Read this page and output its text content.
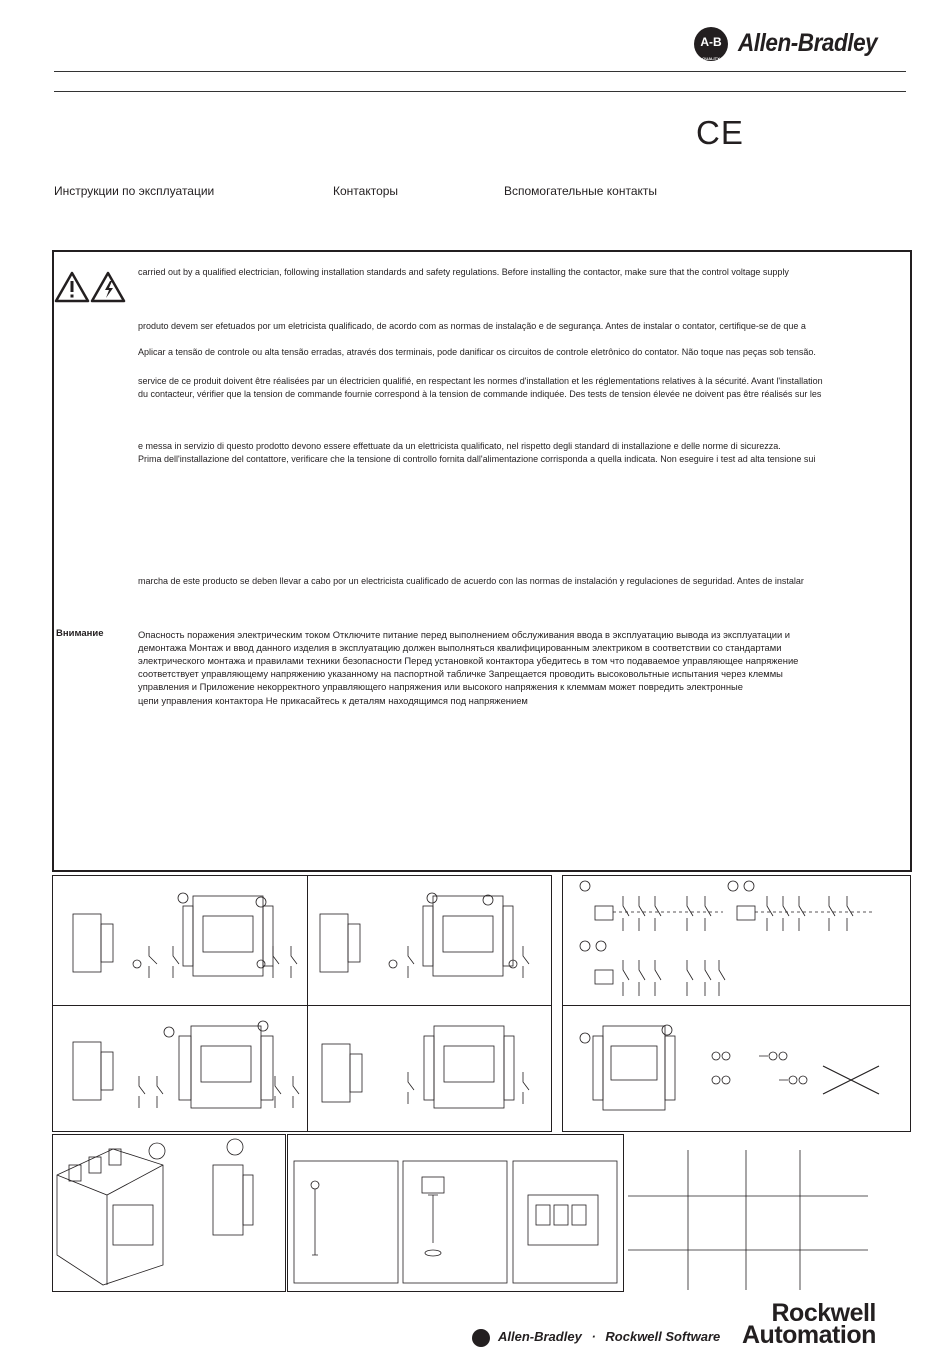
A-B
QUALITY
Allen-Bradley
CE
Инструкции по эксплуатации	Контакторы	Вспомогательные контакты
carried out by a qualified electrician, following installation standards and safety regulations. Before installing the contactor, make sure that the control voltage supply
produto devem ser efetuados por um eletricista qualificado, de acordo com as normas de instalação e de segurança. Antes de instalar o contator, certifique-se de que a
Aplicar a tensão de controle ou alta tensão erradas, através dos terminais, pode danificar os circuitos de controle eletrônico do contator. Não toque nas peças sob tensão.
service de ce produit doivent être réalisées par un électricien qualifié, en respectant les normes d'installation et les réglementations relatives à la sécurité. Avant l'installation
du contacteur, vérifier que la tension de commande fournie correspond à la tension de commande indiquée. Des tests de tension élevée ne doivent pas être réalisés sur les
e messa in servizio di questo prodotto devono essere effettuate da un elettricista qualificato, nel rispetto degli standard di installazione e delle norme di sicurezza.
Prima dell'installazione del contattore, verificare che la tensione di controllo fornita dall'alimentazione corrisponda a quella indicata. Non eseguire i test ad alta tensione sui
marcha de este producto se deben llevar a cabo por un electricista cualificado de acuerdo con las normas de instalación y regulaciones de seguridad. Antes de instalar
Внимание	Опасность поражения электрическим током Отключите питание перед выполнением обслуживания ввода в эксплуатацию вывода из эксплуатации и
демонтажа Монтаж и ввод данного изделия в эксплуатацию должен выполняться квалифицированным электриком в соответствии со стандартами
электрического монтажа и правилами техники безопасности Перед установкой контактора убедитесь в том что подаваемое управляющее напряжение
соответствует управляющему напряжению указанному на паспортной табличке Запрещается проводить высоковольтные испытания через клеммы
управления и Приложение некорректного управляющего напряжения или высокого напряжения к клеммам может повредить электронные
цепи управления контактора Не прикасайтесь к деталям находящимся под напряжением
Allen-Bradley · Rockwell Software
Rockwell
Automation
